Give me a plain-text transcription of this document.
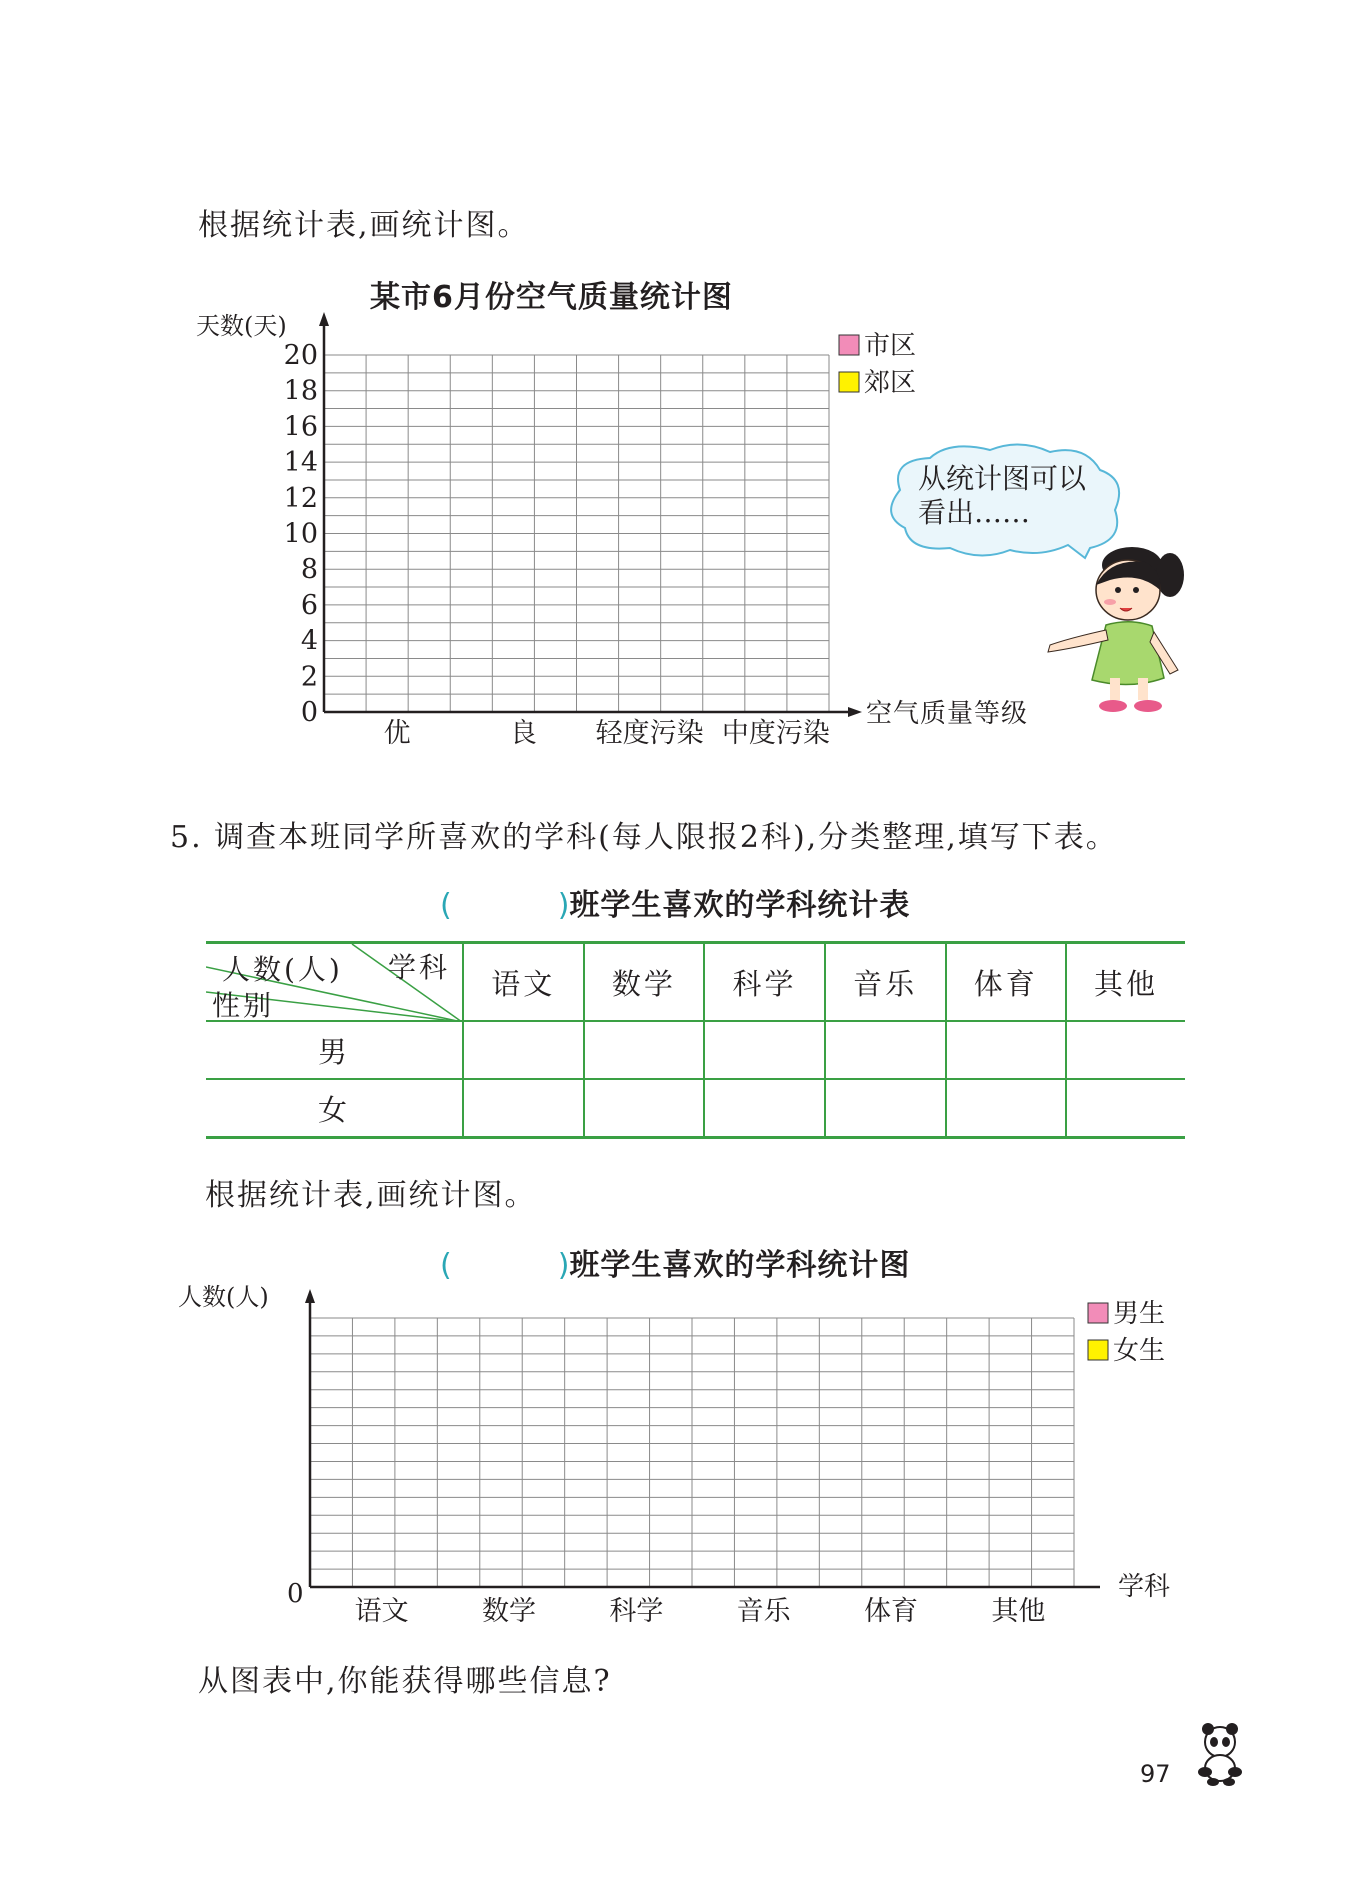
根据统计表,画统计图。
某市6月份空气质量统计图
天数(天)
空气质量等级
20
18
16
14
12
10
8
6
4
2
0
优	良 轻度污染 中度污染
市区
郊区
从统计图可以
看出……
5. 调查本班同学所喜欢的学科(每人限报2科),分类整理,填写下表。
(	)班学生喜欢的学科统计表
人数(人) 学科
性别	语文	数学	科学	音乐	体育	其他
男						
女						
根据统计表,画统计图。
(	)班学生喜欢的学科统计图
人数(人)
0	学科
语文	数学	科学	音乐	体育	其他
男生
女生
从图表中,你能获得哪些信息?
97
